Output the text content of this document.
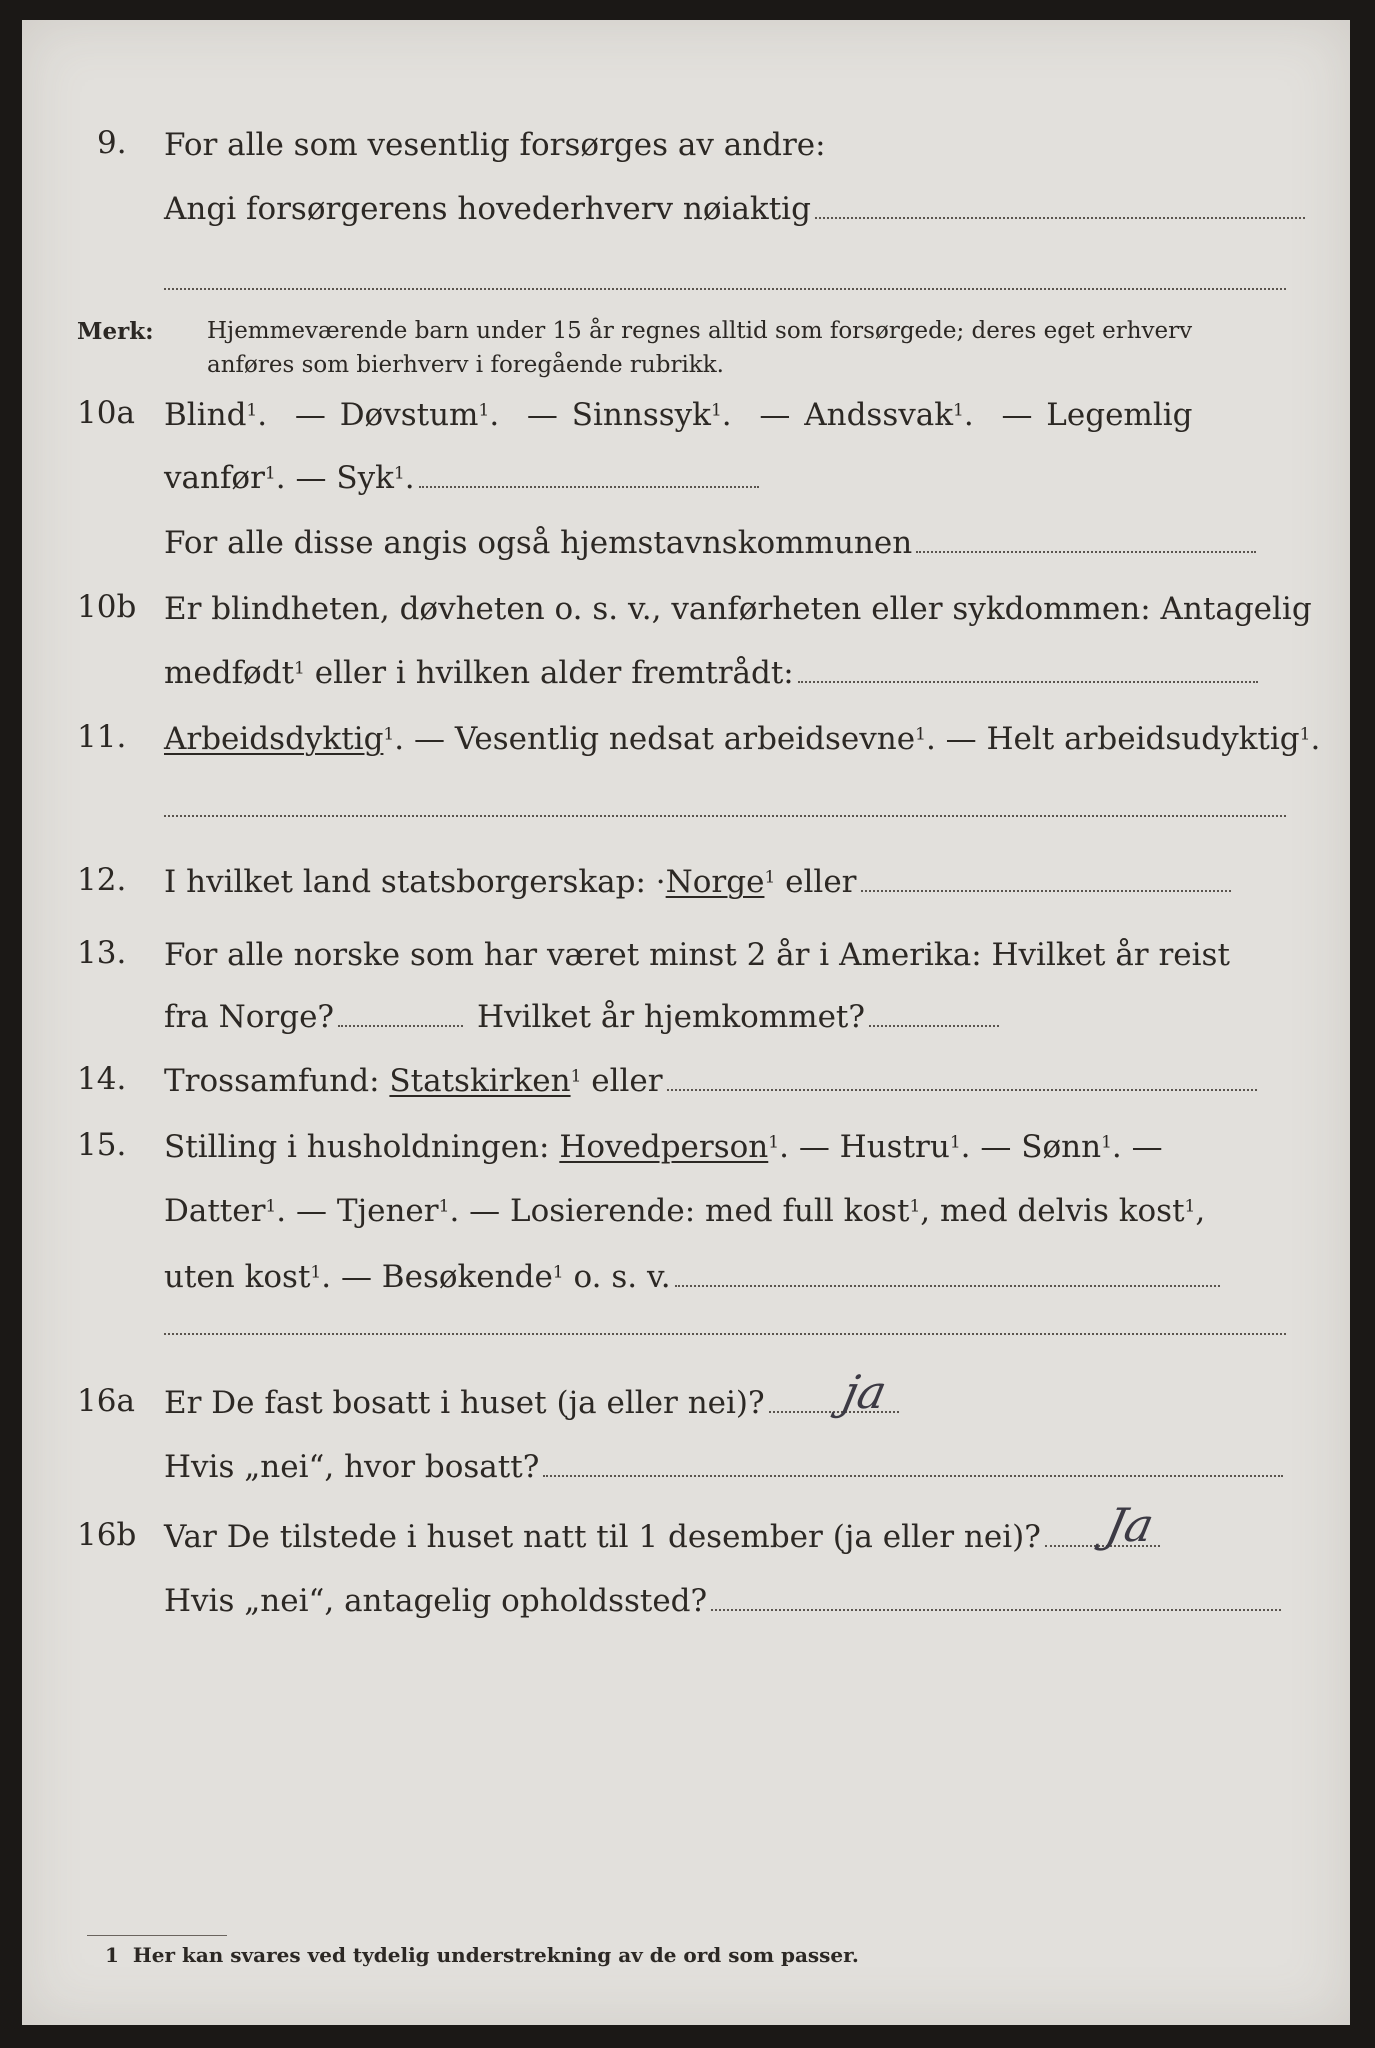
9. For alle som vesentlig forsørges av andre:
Angi forsørgerens hovederhverv nøiaktig
Merk: Hjemmeværende barn under 15 år regnes alltid som forsørgede; deres eget erhverv
anføres som bierhverv i foregående rubrikk.
10a Blind$^1$. — Døvstum$^1$. — Sinnssyk$^1$. — Andssvak$^1$. — Legemlig
vanfør$^1$. — Syk$^1$.
For alle disse angis også hjemstavnskommunen
10b Er blindheten, døvheten o. s. v., vanførheten eller sykdommen: Antagelig
medfødt$^1$ eller i hvilken alder fremtrådt:
11. Arbeidsdyktig$^1$. — Vesentlig nedsat arbeidsevne$^1$. — Helt arbeidsudyktig$^1$.
12. I hvilket land statsborgerskap: ·Norge$^1$ eller
13. For alle norske som har været minst 2 år i Amerika: Hvilket år reist
fra Norge?	Hvilket år hjemkommet?
14. Trossamfund: Statskirken$^1$ eller
15. Stilling i husholdningen: Hovedperson$^1$. — Hustru$^1$. — Sønn$^1$. —
Datter$^1$. — Tjener$^1$. — Losierende: med full kost$^1$, med delvis kost$^1$,
uten kost$^1$. — Besøkende$^1$ o. s. v.
16a Er De fast bosatt i huset (ja eller nei)?	ja
Hvis „nei“, hvor bosatt?
16b Var De tilstede i huset natt til 1 desember (ja eller nei)?	Ja
Hvis „nei“, antagelig opholdssted?
1 Her kan svares ved tydelig understrekning av de ord som passer.
